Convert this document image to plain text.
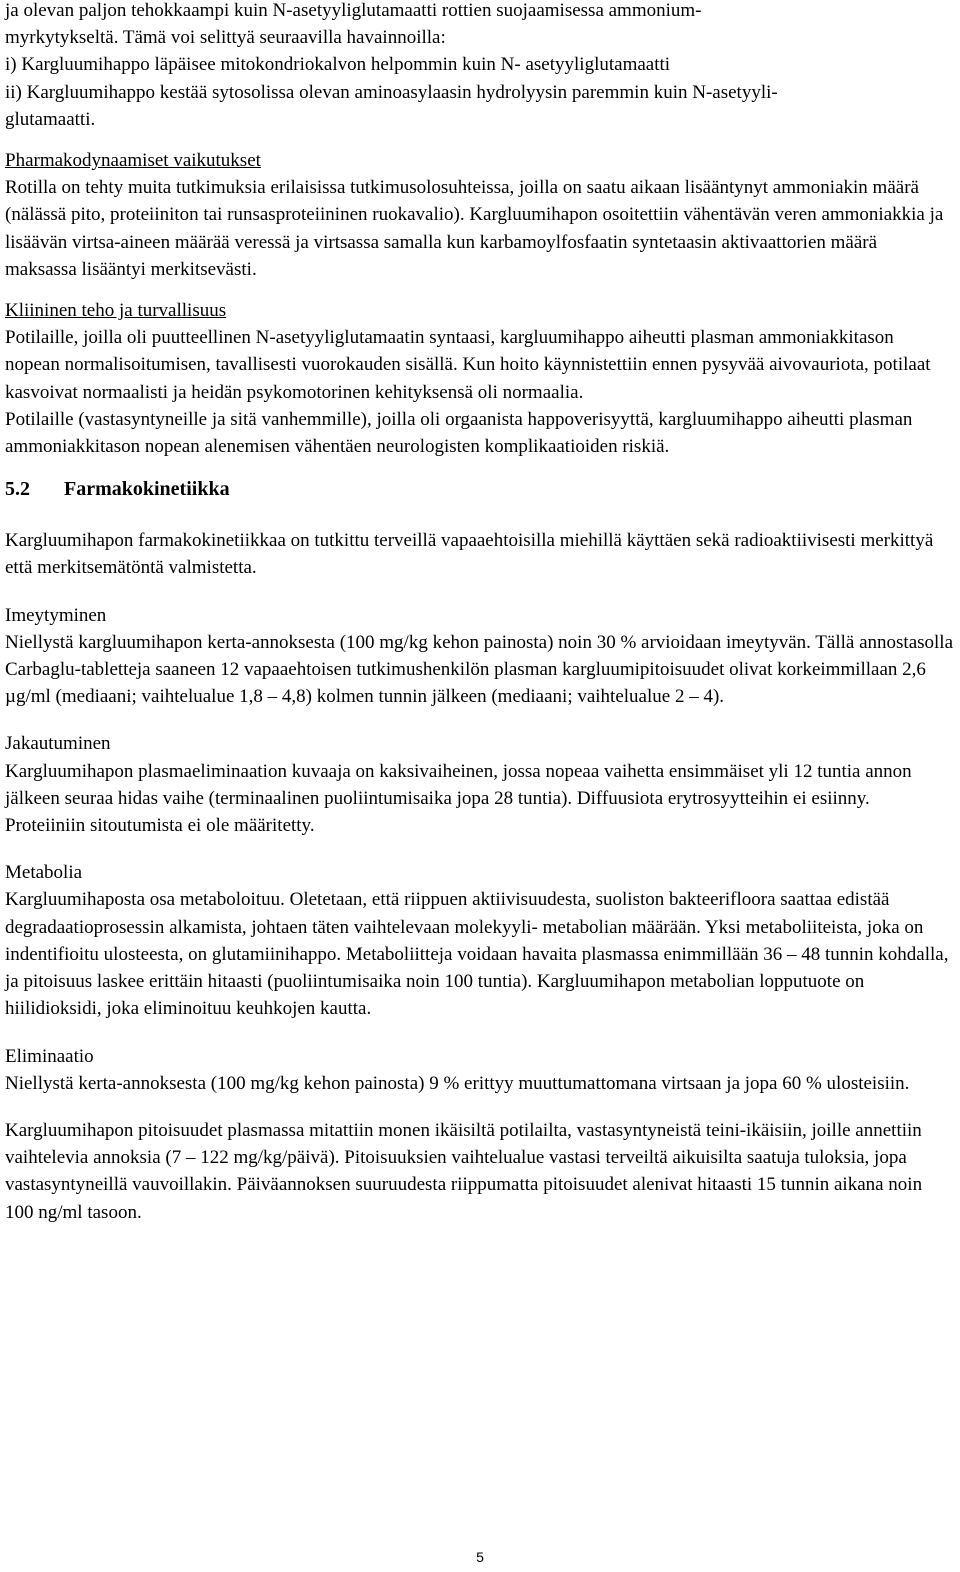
ja olevan paljon tehokkaampi kuin N-asetyyliglutamaatti rottien suojaamisessa ammonium-

myrkytykseltä. Tämä voi selittyä seuraavilla havainnoilla:

i) Kargluumihappo läpäisee mitokondriokalvon helpommin kuin N- asetyyliglutamaatti

ii) Kargluumihappo kestää sytosolissa olevan aminoasylaasin hydrolyysin paremmin kuin N-asetyyli-

glutamaatti.

Pharmakodynaamiset vaikutukset

Rotilla on tehty muita tutkimuksia erilaisissa tutkimusolosuhteissa, joilla on saatu aikaan lisääntynyt ammoniakin määrä (nälässä pito, proteiiniton tai runsasproteiininen ruokavalio). Kargluumihapon osoitettiin vähentävän veren ammoniakkia ja lisäävän virtsa-aineen määrää veressä ja virtsassa samalla kun karbamoylfosfaatin syntetaasin aktivaattorien määrä maksassa lisääntyi merkitsevästi.

Kliininen teho ja turvallisuus

Potilaille, joilla oli puutteellinen N-asetyyliglutamaatin syntaasi, kargluumihappo aiheutti plasman ammoniakkitason nopean normalisoitumisen, tavallisesti vuorokauden sisällä. Kun hoito käynnistettiin ennen pysyvää aivovauriota, potilaat kasvoivat normaalisti ja heidän psykomotorinen kehityksensä oli normaalia.

Potilaille (vastasyntyneille ja sitä vanhemmille), joilla oli orgaanista happoverisyyttä, kargluumihappo aiheutti plasman ammoniakkitason nopean alenemisen vähentäen neurologisten komplikaatioiden riskiä.

5.2 Farmakokinetiikka

Kargluumihapon farmakokinetiikkaa on tutkittu terveillä vapaaehtoisilla miehillä käyttäen sekä radioaktiivisesti merkittyä että merkitsemätöntä valmistetta.

Imeytyminen

Niellystä kargluumihapon kerta-annoksesta (100 mg/kg kehon painosta) noin 30 % arvioidaan imeytyvän. Tällä annostasolla Carbaglu-tabletteja saaneen 12 vapaaehtoisen tutkimushenkilön plasman kargluumipitoisuudet olivat korkeimmillaan 2,6 µg/ml (mediaani; vaihtelualue 1,8 – 4,8) kolmen tunnin jälkeen (mediaani; vaihtelualue 2 – 4).

Jakautuminen

Kargluumihapon plasmaeliminaation kuvaaja on kaksivaiheinen, jossa nopeaa vaihetta ensimmäiset yli 12 tuntia annon jälkeen seuraa hidas vaihe (terminaalinen puoliintumisaika jopa 28 tuntia). Diffuusiota erytrosyytteihin ei esiinny. Proteiiniin sitoutumista ei ole määritetty.

Metabolia

Kargluumihaposta osa metaboloituu. Oletetaan, että riippuen aktiivisuudesta, suoliston bakteerifloora saattaa edistää degradaatioprosessin alkamista, johtaen täten vaihtelevaan molekyyli- metabolian määrään. Yksi metaboliiteista, joka on indentifioitu ulosteesta, on glutamiinihappo. Metaboliitteja voidaan havaita plasmassa enimmillään 36 – 48 tunnin kohdalla, ja pitoisuus laskee erittäin hitaasti (puoliintumisaika noin 100 tuntia). Kargluumihapon metabolian lopputuote on hiilidioksidi, joka eliminoituu keuhkojen kautta.

Eliminaatio

Niellystä kerta-annoksesta (100 mg/kg kehon painosta) 9 % erittyy muuttumattomana virtsaan ja jopa 60 % ulosteisiin.

Kargluumihapon pitoisuudet plasmassa mitattiin monen ikäisiltä potilailta, vastasyntyneistä teini-ikäisiin, joille annettiin vaihtelevia annoksia (7 – 122 mg/kg/päivä). Pitoisuuksien vaihtelualue vastasi terveiltä aikuisilta saatuja tuloksia, jopa vastasyntyneillä vauvoillakin. Päiväannoksen suuruudesta riippumatta pitoisuudet alenivat hitaasti 15 tunnin aikana noin 100 ng/ml tasoon.

5
